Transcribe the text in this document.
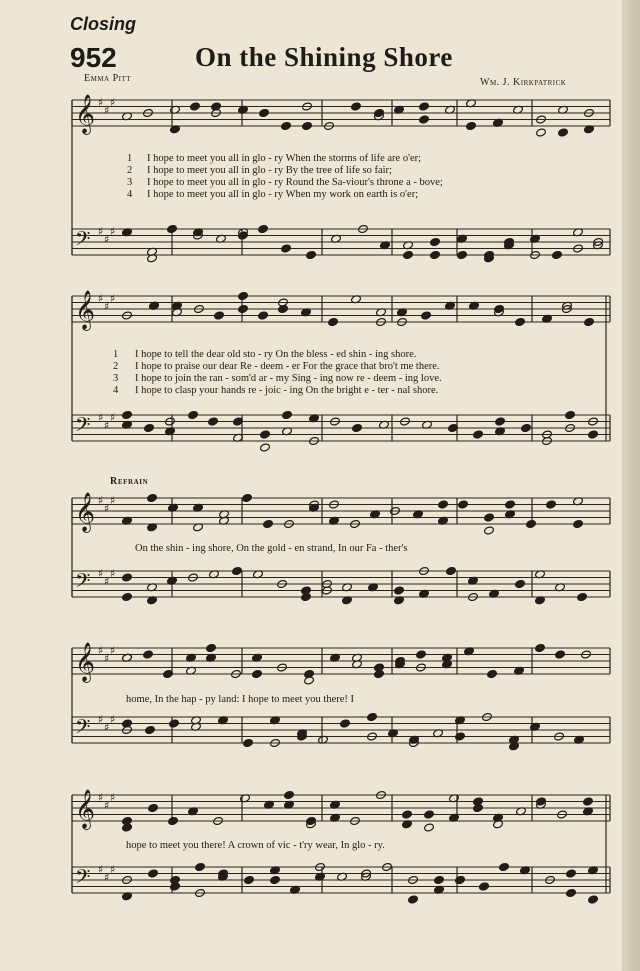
Closing
952	On the Shining Shore
Emma Pitt	Wm. J. Kirkpatrick
𝄞 ♯
♯
♯
𝄢 ♯
♯
♯
𝄞 ♯
♯
♯
𝄢 ♯
♯
♯
𝄞 ♯
♯
♯
𝄢 ♯
♯
♯
𝄞 ♯
♯
♯
𝄢 ♯
♯
♯
𝄞 ♯
♯
♯
𝄢 ♯
♯
♯
1 I hope to meet you all in glo - ry When the storms of life are o'er;
2 I hope to meet you all in glo - ry By the tree of life so fair;
3 I hope to meet you all in glo - ry Round the Sa-viour's throne a - bove;
4 I hope to meet you all in glo - ry When my work on earth is o'er;
1 I hope to tell the dear old sto - ry On the bless - ed shin - ing shore.
2 I hope to praise our dear Re - deem - er For the grace that bro't me there.
3 I hope to join the ran - som'd ar - my Sing - ing now re - deem - ing love.
4 I hope to clasp your hands re - joic - ing On the bright e - ter - nal shore.
Refrain
On the shin - ing shore, On the gold - en strand, In our Fa - ther's
home, In the hap - py land: I hope to meet you there! I
hope to meet you there! A crown of vic - t'ry wear, In glo - ry.
